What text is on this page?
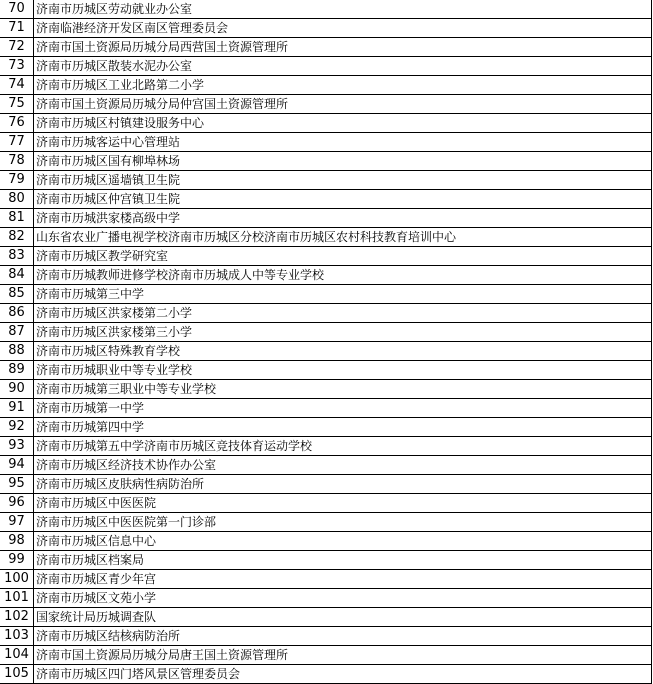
70	济南市历城区劳动就业办公室
71	济南临港经济开发区南区管理委员会
72	济南市国土资源局历城分局西营国土资源管理所
73	济南市历城区散装水泥办公室
74	济南市历城区工业北路第二小学
75	济南市国土资源局历城分局仲宫国土资源管理所
76	济南市历城区村镇建设服务中心
77	济南市历城客运中心管理站
78	济南市历城区国有柳埠林场
79	济南市历城区遥墙镇卫生院
80	济南市历城区仲宫镇卫生院
81	济南市历城洪家楼高级中学
82	山东省农业广播电视学校济南市历城区分校济南市历城区农村科技教育培训中心
83	济南市历城区教学研究室
84	济南市历城教师进修学校济南市历城成人中等专业学校
85	济南市历城第三中学
86	济南市历城区洪家楼第二小学
87	济南市历城区洪家楼第三小学
88	济南市历城区特殊教育学校
89	济南市历城职业中等专业学校
90	济南市历城第三职业中等专业学校
91	济南市历城第一中学
92	济南市历城第四中学
93	济南市历城第五中学济南市历城区竞技体育运动学校
94	济南市历城区经济技术协作办公室
95	济南市历城区皮肤病性病防治所
96	济南市历城区中医医院
97	济南市历城区中医医院第一门诊部
98	济南市历城区信息中心
99	济南市历城区档案局
100	济南市历城区青少年宫
101	济南市历城区文苑小学
102	国家统计局历城调查队
103	济南市历城区结核病防治所
104	济南市国土资源局历城分局唐王国土资源管理所
105	济南市历城区四门塔风景区管理委员会
